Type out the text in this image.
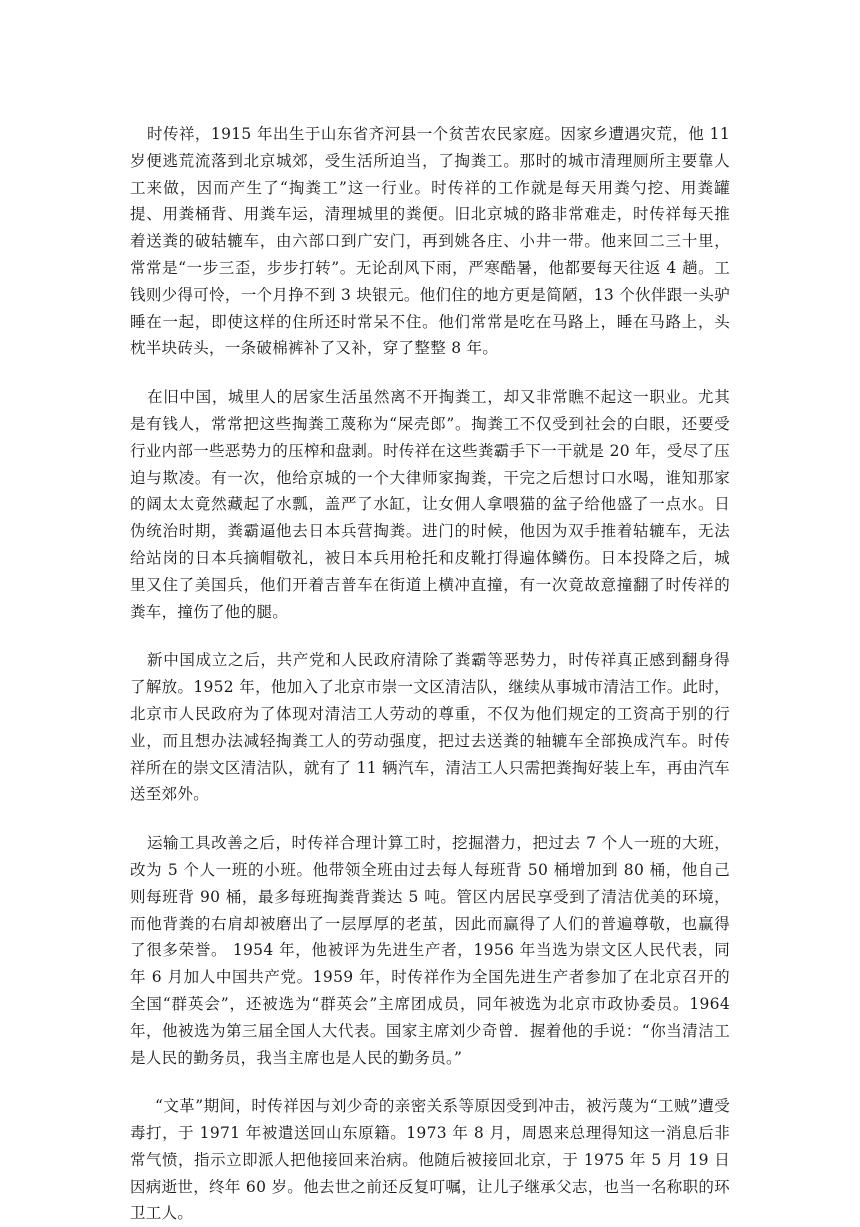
时传祥，1915 年出生于山东省齐河县一个贫苦农民家庭。因家乡遭遇灾荒，他 11 岁便逃荒流落到北京城郊，受生活所迫当，了掏粪工。那时的城市清理厕所主要靠人工来做，因而产生了“掏粪工”这一行业。时传祥的工作就是每天用粪勺挖、用粪罐提、用粪桶背、用粪车运，清理城里的粪便。旧北京城的路非常难走，时传祥每天推着送粪的破轱辘车，由六部口到广安门，再到姚各庄、小井一带。他来回二三十里，常常是“一步三歪，步步打转”。无论刮风下雨，严寒酷暑，他都要每天往返 4 趟。工钱则少得可怜，一个月挣不到 3 块银元。他们住的地方更是简陋，13 个伙伴跟一头驴睡在一起，即使这样的住所还时常呆不住。他们常常是吃在马路上，睡在马路上，头枕半块砖头，一条破棉裤补了又补，穿了整整 8 年。

在旧中国，城里人的居家生活虽然离不开掏粪工，却又非常瞧不起这一职业。尤其是有钱人，常常把这些掏粪工蔑称为“屎壳郎”。掏粪工不仅受到社会的白眼，还要受行业内部一些恶势力的压榨和盘剥。时传祥在这些粪霸手下一干就是 20 年，受尽了压迫与欺凌。有一次，他给京城的一个大律师家掏粪，干完之后想讨口水喝，谁知那家的阔太太竟然藏起了水瓢，盖严了水缸，让女佣人拿喂猫的盆子给他盛了一点水。日伪统治时期，粪霸逼他去日本兵营掏粪。进门的时候，他因为双手推着轱辘车，无法给站岗的日本兵摘帽敬礼，被日本兵用枪托和皮靴打得遍体鳞伤。日本投降之后，城里又住了美国兵，他们开着吉普车在街道上横冲直撞，有一次竟故意撞翻了时传祥的粪车，撞伤了他的腿。

新中国成立之后，共产党和人民政府清除了粪霸等恶势力，时传祥真正感到翻身得了解放。1952 年，他加入了北京市崇一文区清洁队，继续从事城市清洁工作。此时，北京市人民政府为了体现对清洁工人劳动的尊重，不仅为他们规定的工资高于别的行业，而且想办法减轻掏粪工人的劳动强度，把过去送粪的轴辘车全部换成汽车。时传祥所在的崇文区清洁队，就有了 11 辆汽车，清洁工人只需把粪掏好装上车，再由汽车送至郊外。

运输工具改善之后，时传祥合理计算工时，挖掘潜力，把过去 7 个人一班的大班，改为 5 个人一班的小班。他带领全班由过去每人每班背 50 桶增加到 80 桶，他自己则每班背 90 桶，最多每班掏粪背粪达 5 吨。管区内居民享受到了清洁优美的环境，而他背粪的右肩却被磨出了一层厚厚的老茧，因此而赢得了人们的普遍尊敬，也赢得了很多荣誉。 1954 年，他被评为先进生产者，1956 年当选为崇文区人民代表，同年 6 月加人中国共产党。1959 年，时传祥作为全国先进生产者参加了在北京召开的全国“群英会”，还被选为“群英会”主席团成员，同年被选为北京市政协委员。1964 年，他被选为第三届全国人大代表。国家主席刘少奇曾．握着他的手说：“你当清洁工是人民的勤务员，我当主席也是人民的勤务员。”

“文革”期间，时传祥因与刘少奇的亲密关系等原因受到冲击，被污蔑为“工贼”遭受毒打，于 1971 年被遣送回山东原籍。1973 年 8 月，周恩来总理得知这一消息后非常气愤，指示立即派人把他接回来治病。他随后被接回北京，于 1975 年 5 月 19 日因病逝世，终年 60 岁。他去世之前还反复叮嘱，让儿子继承父志，也当一名称职的环卫工人。
